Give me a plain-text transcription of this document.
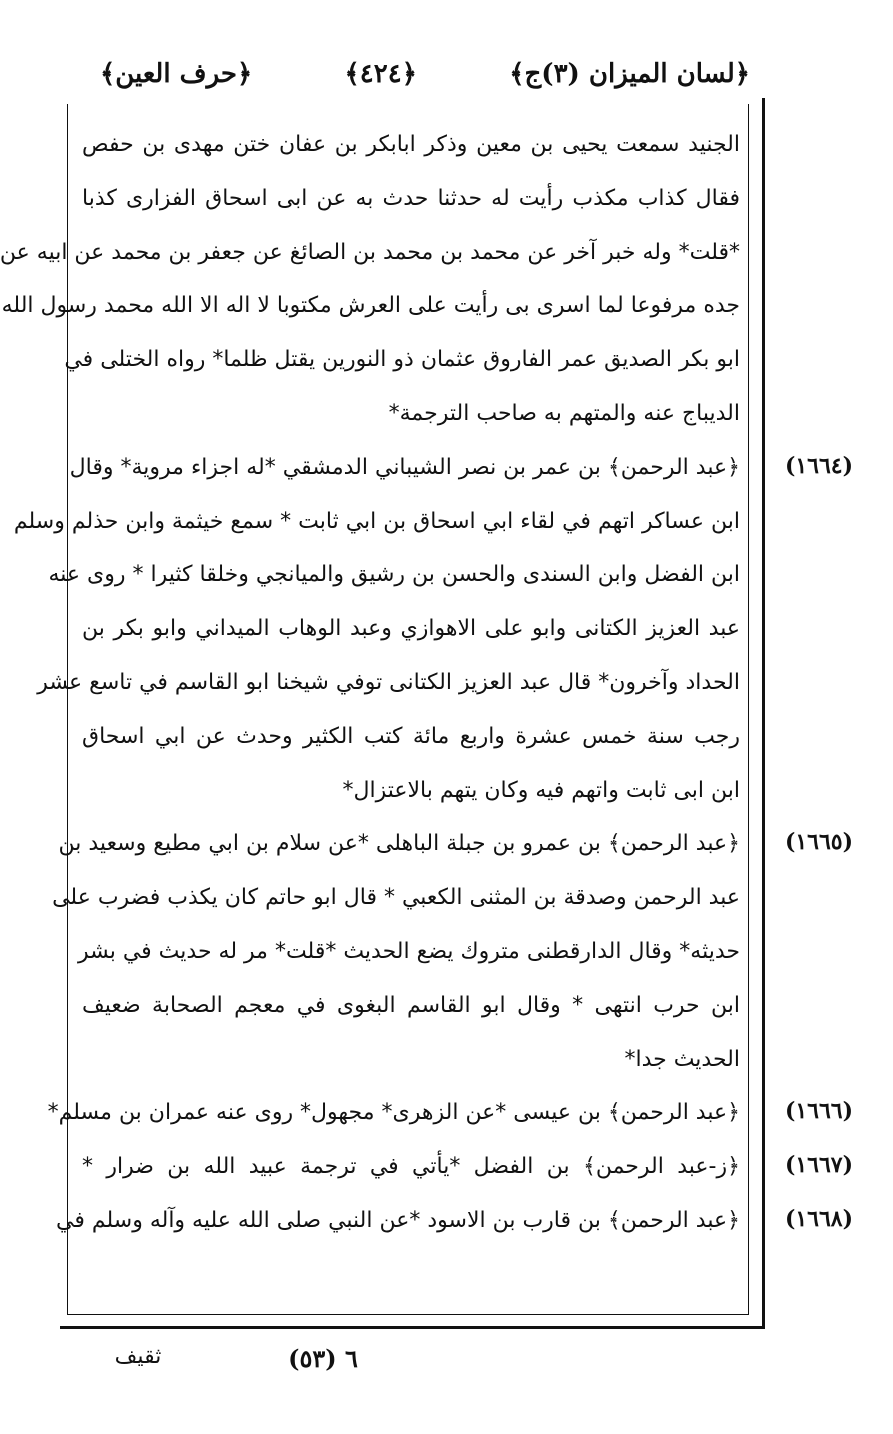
﴿لسان الميزان (٣)ج﴾
﴿٤٢٤﴾
﴿حرف العين﴾
الجنيد سمعت يحيى بن معين وذكر ابابكر بن عفان ختن مهدى بن حفص
فقال كذاب مكذب رأيت له حدثنا حدث به عن ابى اسحاق الفزارى كذبا
*قلت* وله خبر آخر عن محمد بن محمد بن الصائغ عن جعفر بن محمد عن ابيه عن
جده مرفوعا لما اسرى بى رأيت على العرش مكتوبا لا اله الا الله محمد رسول الله
ابو بكر الصديق عمر الفاروق عثمان ذو النورين يقتل ظلما* رواه الختلى في
الديباج عنه والمتهم به صاحب الترجمة*
﴿عبد الرحمن﴾ بن عمر بن نصر الشيباني الدمشقي *له اجزاء مروية* وقال
ابن عساكر اتهم في لقاء ابي اسحاق بن ابي ثابت * سمع خيثمة وابن حذلم وسلم
ابن الفضل وابن السندى والحسن بن رشيق والميانجي وخلقا كثيرا * روى عنه
عبد العزيز الكتانى وابو على الاهوازي وعبد الوهاب الميداني وابو بكر بن
الحداد وآخرون* قال عبد العزيز الكتانى توفي شيخنا ابو القاسم في تاسع عشر
رجب سنة خمس عشرة واربع مائة كتب الكثير وحدث عن ابي اسحاق
ابن ابى ثابت واتهم فيه وكان يتهم بالاعتزال*
﴿عبد الرحمن﴾ بن عمرو بن جبلة الباهلى *عن سلام بن ابي مطيع وسعيد بن
عبد الرحمن وصدقة بن المثنى الكعبي * قال ابو حاتم كان يكذب فضرب على
حديثه* وقال الدارقطنى متروك يضع الحديث *قلت* مر له حديث في بشر
ابن حرب انتهى * وقال ابو القاسم البغوى في معجم الصحابة ضعيف
الحديث جدا*
﴿عبد الرحمن﴾ بن عيسى *عن الزهرى* مجهول* روى عنه عمران بن مسلم*
﴿ز-عبد الرحمن﴾ بن الفضل *يأتي في ترجمة عبيد الله بن ضرار *
﴿عبد الرحمن﴾ بن قارب بن الاسود *عن النبي صلى الله عليه وآله وسلم في
(١٦٦٤)
(١٦٦٥)
(١٦٦٦)
(١٦٦٧)
(١٦٦٨)
٦ (٥٣)
ثقيف
